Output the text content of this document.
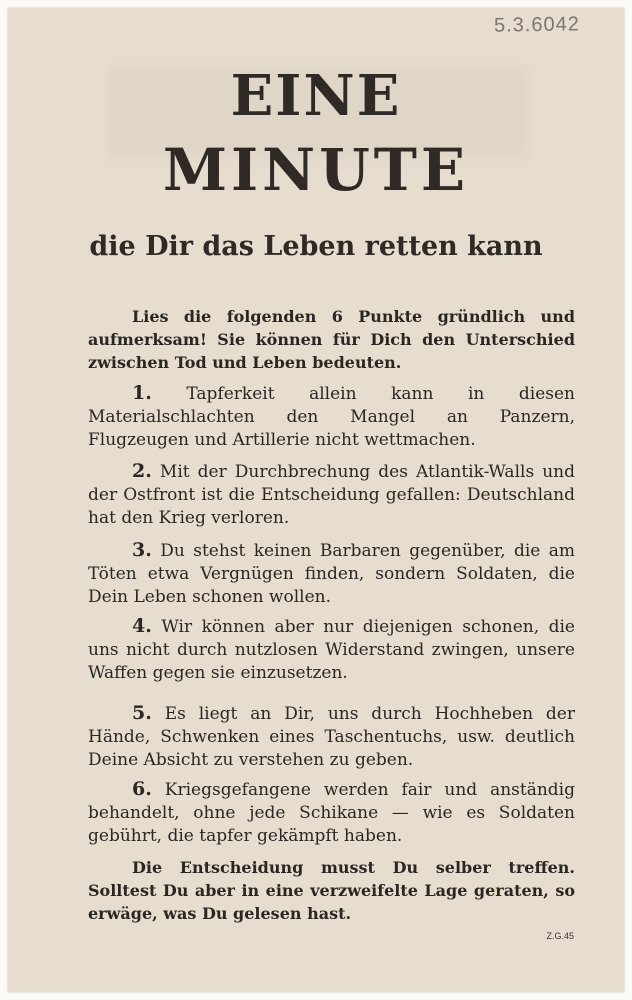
5.3.6042
EINE
MINUTE
die Dir das Leben retten kann
Lies die folgenden 6 Punkte gründlich und aufmerksam! Sie können für Dich den Unterschied zwischen Tod und Leben bedeuten.
1. Tapferkeit allein kann in diesen Materialschlachten den Mangel an Panzern, Flugzeugen und Artillerie nicht wettmachen.
2. Mit der Durchbrechung des Atlantik-Walls und der Ostfront ist die Entscheidung gefallen: Deutschland hat den Krieg verloren.
3. Du stehst keinen Barbaren gegenüber, die am Töten etwa Vergnügen finden, sondern Soldaten, die Dein Leben schonen wollen.
4. Wir können aber nur diejenigen schonen, die uns nicht durch nutzlosen Widerstand zwingen, unsere Waffen gegen sie einzusetzen.
5. Es liegt an Dir, uns durch Hochheben der Hände, Schwenken eines Taschentuchs, usw. deutlich Deine Absicht zu verstehen zu geben.
6. Kriegsgefangene werden fair und anständig behandelt, ohne jede Schikane — wie es Soldaten gebührt, die tapfer gekämpft haben.
Die Entscheidung musst Du selber treffen. Solltest Du aber in eine verzweifelte Lage geraten, so erwäge, was Du gelesen hast.
Z.G.45
